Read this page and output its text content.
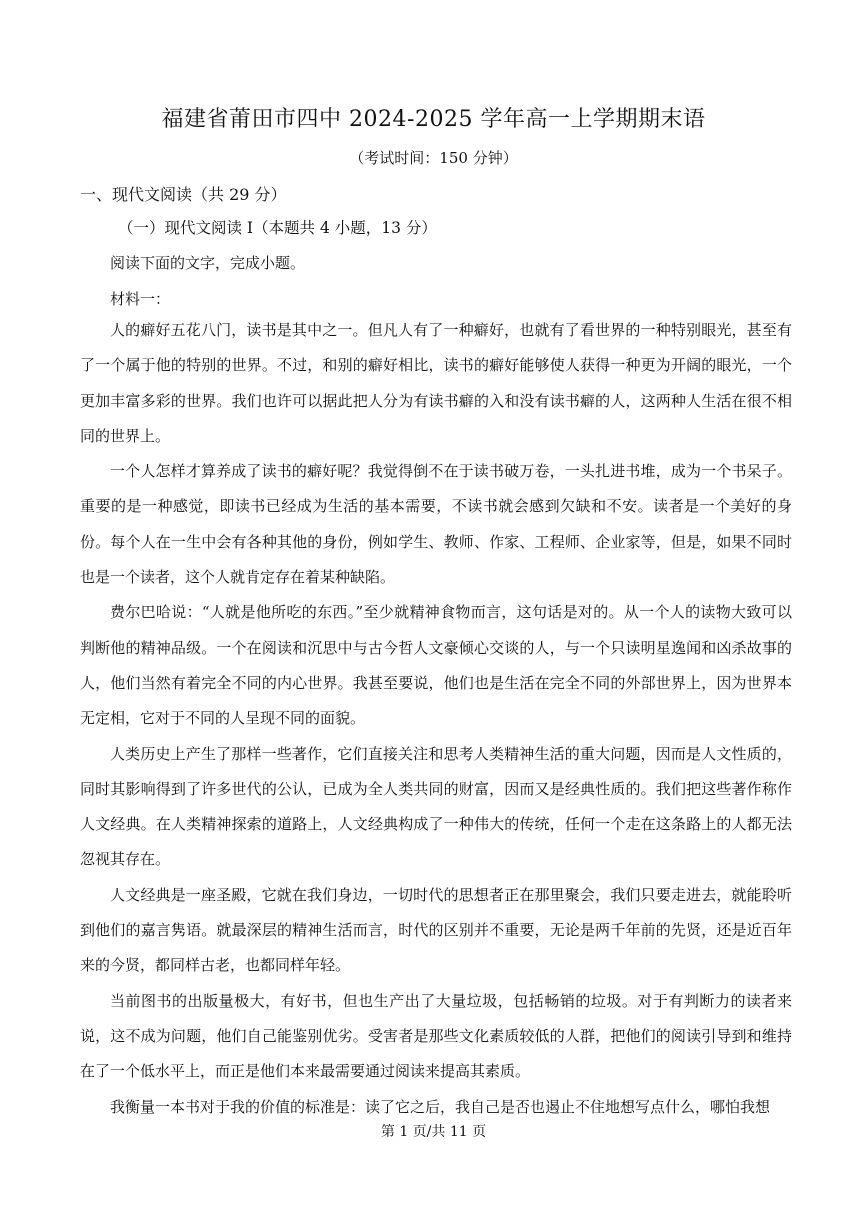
福建省莆田市四中 2024-2025 学年高一上学期期末语
（考试时间：150 分钟）
一、现代文阅读（共 29 分）
（一）现代文阅读 I（本题共 4 小题，13 分）
阅读下面的文字，完成小题。
材料一：

人的癖好五花八门，读书是其中之一。但凡人有了一种癖好，也就有了看世界的一种特别眼光，甚至有了一个属于他的特别的世界。不过，和别的癖好相比，读书的癖好能够使人获得一种更为开阔的眼光，一个更加丰富多彩的世界。我们也许可以据此把人分为有读书癖的入和没有读书癖的人，这两种人生活在很不相同的世界上。

一个人怎样才算养成了读书的癖好呢？我觉得倒不在于读书破万卷，一头扎进书堆，成为一个书呆子。重要的是一种感觉，即读书已经成为生活的基本需要，不读书就会感到欠缺和不安。读者是一个美好的身份。每个人在一生中会有各种其他的身份，例如学生、教师、作家、工程师、企业家等，但是，如果不同时也是一个读者，这个人就肯定存在着某种缺陷。

费尔巴哈说：“人就是他所吃的东西。”至少就精神食物而言，这句话是对的。从一个人的读物大致可以判断他的精神品级。一个在阅读和沉思中与古今哲人文豪倾心交谈的人，与一个只读明星逸闻和凶杀故事的人，他们当然有着完全不同的内心世界。我甚至要说，他们也是生活在完全不同的外部世界上，因为世界本无定相，它对于不同的人呈现不同的面貌。

人类历史上产生了那样一些著作，它们直接关注和思考人类精神生活的重大问题，因而是人文性质的，同时其影响得到了许多世代的公认，已成为全人类共同的财富，因而又是经典性质的。我们把这些著作称作人文经典。在人类精神探索的道路上，人文经典构成了一种伟大的传统，任何一个走在这条路上的人都无法忽视其存在。

人文经典是一座圣殿，它就在我们身边，一切时代的思想者正在那里聚会，我们只要走进去，就能聆听到他们的嘉言隽语。就最深层的精神生活而言，时代的区别并不重要，无论是两千年前的先贤，还是近百年来的今贤，都同样古老，也都同样年轻。

当前图书的出版量极大，有好书，但也生产出了大量垃圾，包括畅销的垃圾。对于有判断力的读者来说，这不成为问题，他们自己能鉴别优劣。受害者是那些文化素质较低的人群，把他们的阅读引导到和维持在了一个低水平上，而正是他们本来最需要通过阅读来提高其素质。

我衡量一本书对于我的价值的标准是：读了它之后，我自己是否也遏止不住地想写点什么，哪怕我想

第 1 页/共 11 页
